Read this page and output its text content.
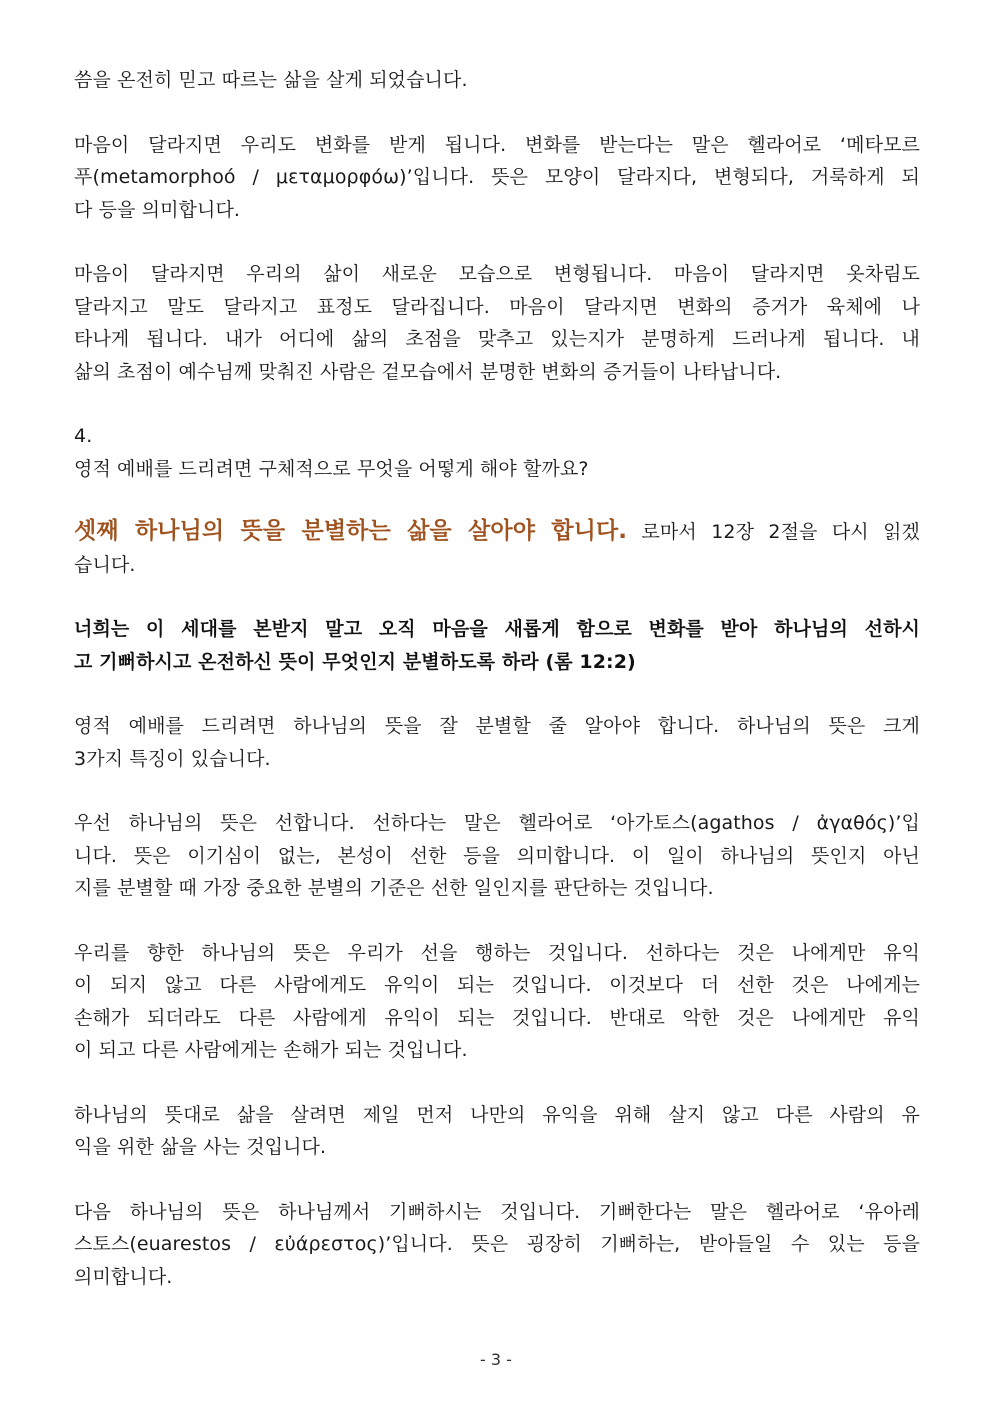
씀을 온전히 믿고 따르는 삶을 살게 되었습니다.

마음이 달라지면 우리도 변화를 받게 됩니다. 변화를 받는다는 말은 헬라어로 ‘메타모르
푸(metamorphoó / μεταμορφόω)’입니다. 뜻은 모양이 달라지다, 변형되다, 거룩하게 되
다 등을 의미합니다.

마음이 달라지면 우리의 삶이 새로운 모습으로 변형됩니다. 마음이 달라지면 옷차림도
달라지고 말도 달라지고 표정도 달라집니다. 마음이 달라지면 변화의 증거가 육체에 나
타나게 됩니다. 내가 어디에 삶의 초점을 맞추고 있는지가 분명하게 드러나게 됩니다. 내
삶의 초점이 예수님께 맞춰진 사람은 겉모습에서 분명한 변화의 증거들이 나타납니다.

4.
영적 예배를 드리려면 구체적으로 무엇을 어떻게 해야 할까요?

셋째 하나님의 뜻을 분별하는 삶을 살아야 합니다. 로마서 12장 2절을 다시 읽겠
습니다.

너희는 이 세대를 본받지 말고 오직 마음을 새롭게 함으로 변화를 받아 하나님의 선하시
고 기뻐하시고 온전하신 뜻이 무엇인지 분별하도록 하라 (롬 12:2)

영적 예배를 드리려면 하나님의 뜻을 잘 분별할 줄 알아야 합니다. 하나님의 뜻은 크게
3가지 특징이 있습니다.

우선 하나님의 뜻은 선합니다. 선하다는 말은 헬라어로 ‘아가토스(agathos / ἀγαθός)’입
니다. 뜻은 이기심이 없는, 본성이 선한 등을 의미합니다. 이 일이 하나님의 뜻인지 아닌
지를 분별할 때 가장 중요한 분별의 기준은 선한 일인지를 판단하는 것입니다.

우리를 향한 하나님의 뜻은 우리가 선을 행하는 것입니다. 선하다는 것은 나에게만 유익
이 되지 않고 다른 사람에게도 유익이 되는 것입니다. 이것보다 더 선한 것은 나에게는
손해가 되더라도 다른 사람에게 유익이 되는 것입니다. 반대로 악한 것은 나에게만 유익
이 되고 다른 사람에게는 손해가 되는 것입니다.

하나님의 뜻대로 삶을 살려면 제일 먼저 나만의 유익을 위해 살지 않고 다른 사람의 유
익을 위한 삶을 사는 것입니다.

다음 하나님의 뜻은 하나님께서 기뻐하시는 것입니다. 기뻐한다는 말은 헬라어로 ‘유아레
스토스(euarestos / εὐάρεστος)’입니다. 뜻은 굉장히 기뻐하는, 받아들일 수 있는 등을
의미합니다.

- 3 -
